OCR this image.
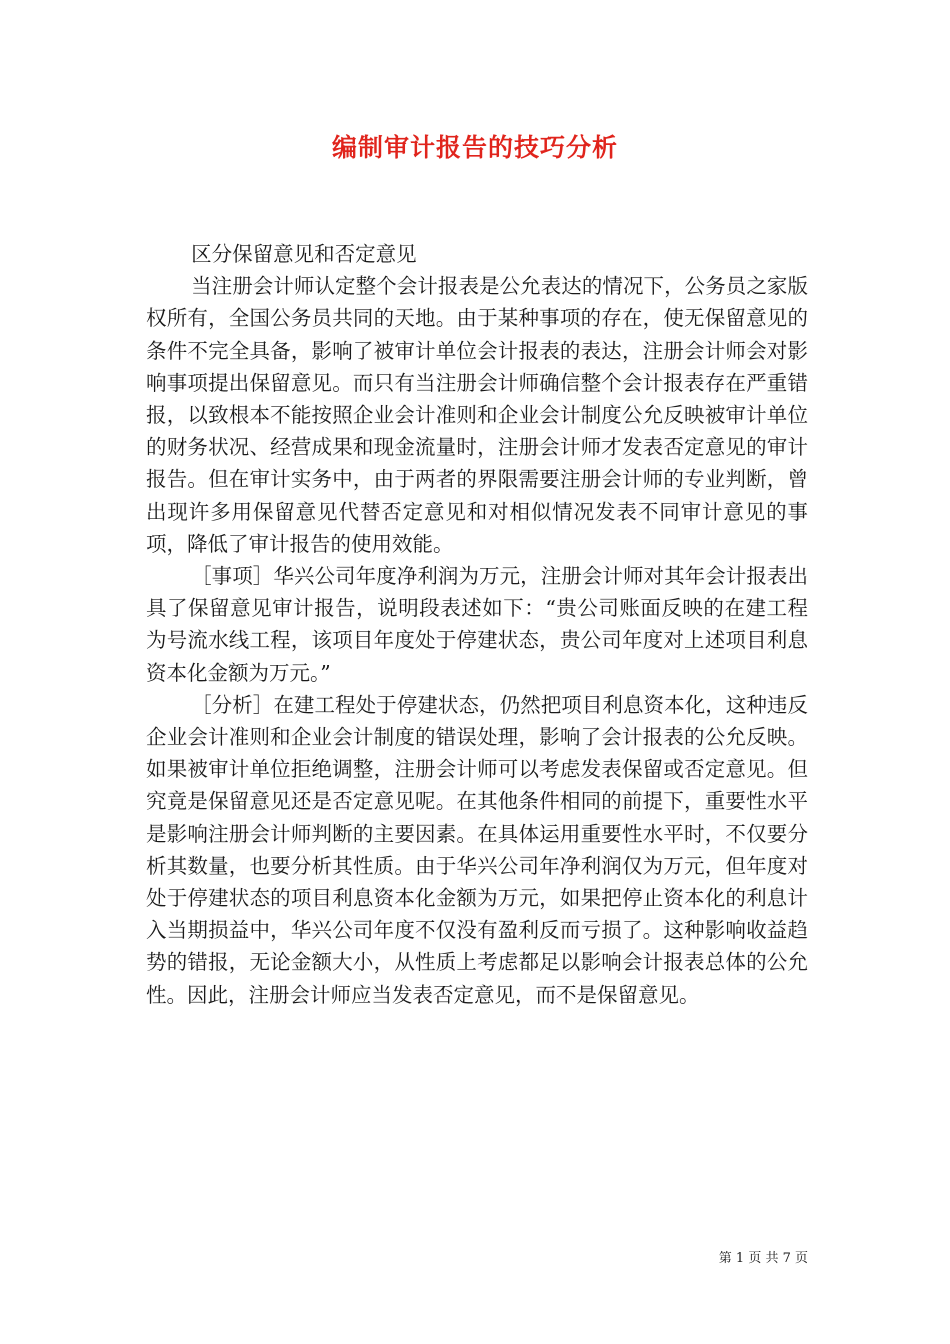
编制审计报告的技巧分析

区分保留意见和否定意见

当注册会计师认定整个会计报表是公允表达的情况下，公务员之家版权所有，全国公务员共同的天地。由于某种事项的存在，使无保留意见的条件不完全具备，影响了被审计单位会计报表的表达，注册会计师会对影响事项提出保留意见。而只有当注册会计师确信整个会计报表存在严重错报，以致根本不能按照企业会计准则和企业会计制度公允反映被审计单位的财务状况、经营成果和现金流量时，注册会计师才发表否定意见的审计报告。但在审计实务中，由于两者的界限需要注册会计师的专业判断，曾出现许多用保留意见代替否定意见和对相似情况发表不同审计意见的事项，降低了审计报告的使用效能。

［事项］华兴公司年度净利润为万元，注册会计师对其年会计报表出具了保留意见审计报告，说明段表述如下：“贵公司账面反映的在建工程为号流水线工程，该项目年度处于停建状态，贵公司年度对上述项目利息资本化金额为万元。”

［分析］在建工程处于停建状态，仍然把项目利息资本化，这种违反企业会计准则和企业会计制度的错误处理，影响了会计报表的公允反映。如果被审计单位拒绝调整，注册会计师可以考虑发表保留或否定意见。但究竟是保留意见还是否定意见呢。在其他条件相同的前提下，重要性水平是影响注册会计师判断的主要因素。在具体运用重要性水平时，不仅要分析其数量，也要分析其性质。由于华兴公司年净利润仅为万元，但年度对处于停建状态的项目利息资本化金额为万元，如果把停止资本化的利息计入当期损益中，华兴公司年度不仅没有盈利反而亏损了。这种影响收益趋势的错报，无论金额大小，从性质上考虑都足以影响会计报表总体的公允性。因此，注册会计师应当发表否定意见，而不是保留意见。

第 1 页 共 7 页
